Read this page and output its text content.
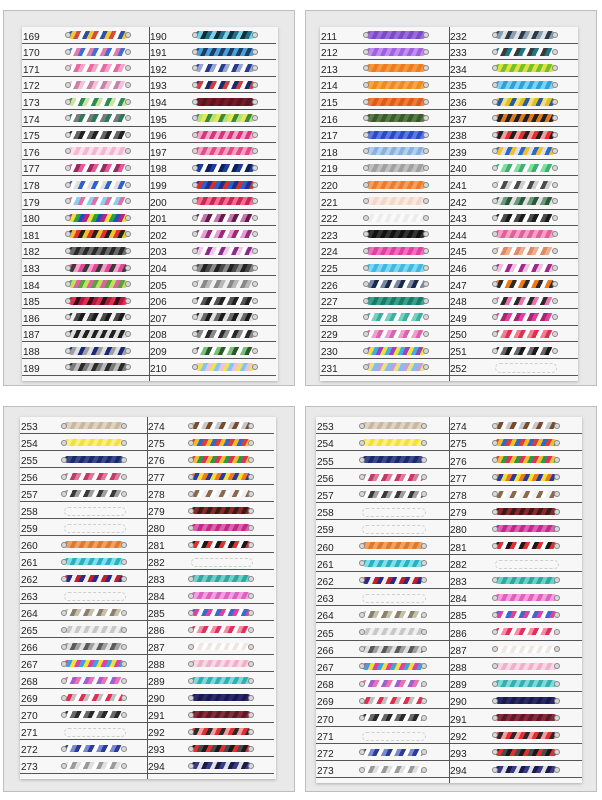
169
170
171
172
173
174
175
176
177
178
179
180
181
182
183
184
185
186
187
188
189
190
191
192
193
194
195
196
197
198
199
200
201
202
203
204
205
206
207
208
209
210
211
212
213
214
215
216
217
218
219
220
221
222
223
224
225
226
227
228
229
230
231
232
233
234
235
236
237
238
239
240
241
242
243
244
245
246
247
248
249
250
251
252
253
254
255
256
257
258
259
260
261
262
263
264
265
266
267
268
269
270
271
272
273
274
275
276
277
278
279
280
281
282
283
284
285
286
287
288
289
290
291
292
293
294
253
254
255
256
257
258
259
260
261
262
263
264
265
266
267
268
269
270
271
272
273
274
275
276
277
278
279
280
281
282
283
284
285
286
287
288
289
290
291
292
293
294
